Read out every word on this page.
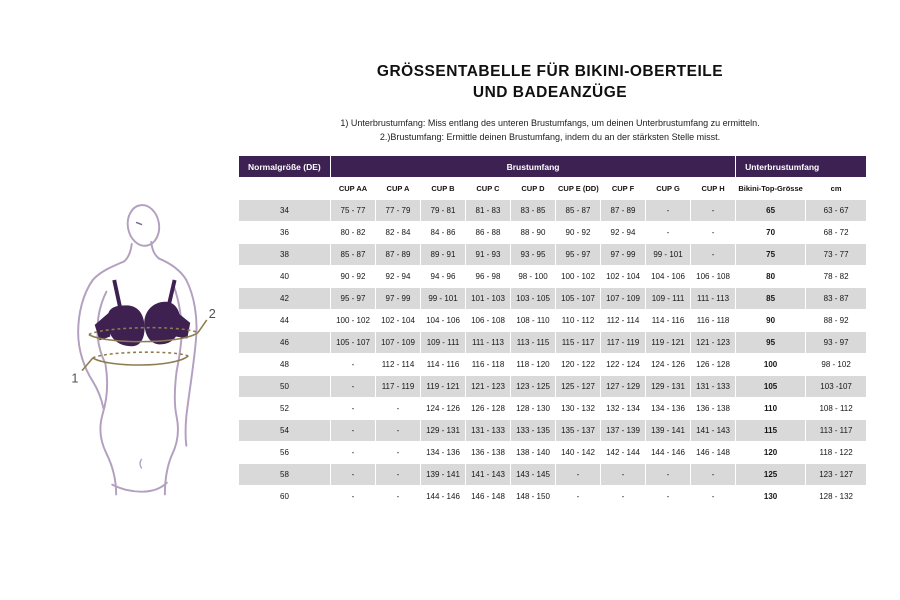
GRÖSSENTABELLE FÜR BIKINI-OBERTEILE
UND BADEANZÜGE
1) Unterbrustumfang: Miss entlang des unteren Brustumfangs, um deinen Unterbrustumfang zu ermitteln.
2.)Brustumfang: Ermittle deinen Brustumfang, indem du an der stärksten Stelle misst.
2
1
Normalgröße (DE)	Brustumfang									Unterbrustumfang	
	CUP AA	CUP A	CUP B	CUP C	CUP D	CUP E (DD)	CUP F	CUP G	CUP H	Bikini-Top-Grösse	cm
34	75 - 77	77 - 79	79 - 81	81 - 83	83 - 85	85 - 87	87 - 89	-	-	65	63 - 67
36	80 - 82	82 - 84	84 - 86	86 - 88	88 - 90	90 - 92	92 - 94	-	-	70	68 - 72
38	85 - 87	87 - 89	89 - 91	91 - 93	93 - 95	95 - 97	97 - 99	99 - 101	-	75	73 - 77
40	90 - 92	92 - 94	94 - 96	96 - 98	98 - 100	100 - 102	102 - 104	104 - 106	106 - 108	80	78 - 82
42	95 - 97	97 - 99	99 - 101	101 - 103	103 - 105	105 - 107	107 - 109	109 - 111	111 - 113	85	83 - 87
44	100 - 102	102 - 104	104 - 106	106 - 108	108 - 110	110 - 112	112 - 114	114 - 116	116 - 118	90	88 - 92
46	105 - 107	107 - 109	109 - 111	111 - 113	113 - 115	115 - 117	117 - 119	119 - 121	121 - 123	95	93 - 97
48	-	112 - 114	114 - 116	116 - 118	118 - 120	120 - 122	122 - 124	124 - 126	126 - 128	100	98 - 102
50	-	117 - 119	119 - 121	121 - 123	123 - 125	125 - 127	127 - 129	129 - 131	131 - 133	105	103 -107
52	-	-	124 - 126	126 - 128	128 - 130	130 - 132	132 - 134	134 - 136	136 - 138	110	108 - 112
54	-	-	129 - 131	131 - 133	133 - 135	135 - 137	137 - 139	139 - 141	141 - 143	115	113 - 117
56	-	-	134 - 136	136 - 138	138 - 140	140 - 142	142 - 144	144 - 146	146 - 148	120	118 - 122
58	-	-	139 - 141	141 - 143	143 - 145	-	-	-	-	125	123 - 127
60	-	-	144 - 146	146 - 148	148 - 150	-	-	-	-	130	128 - 132
